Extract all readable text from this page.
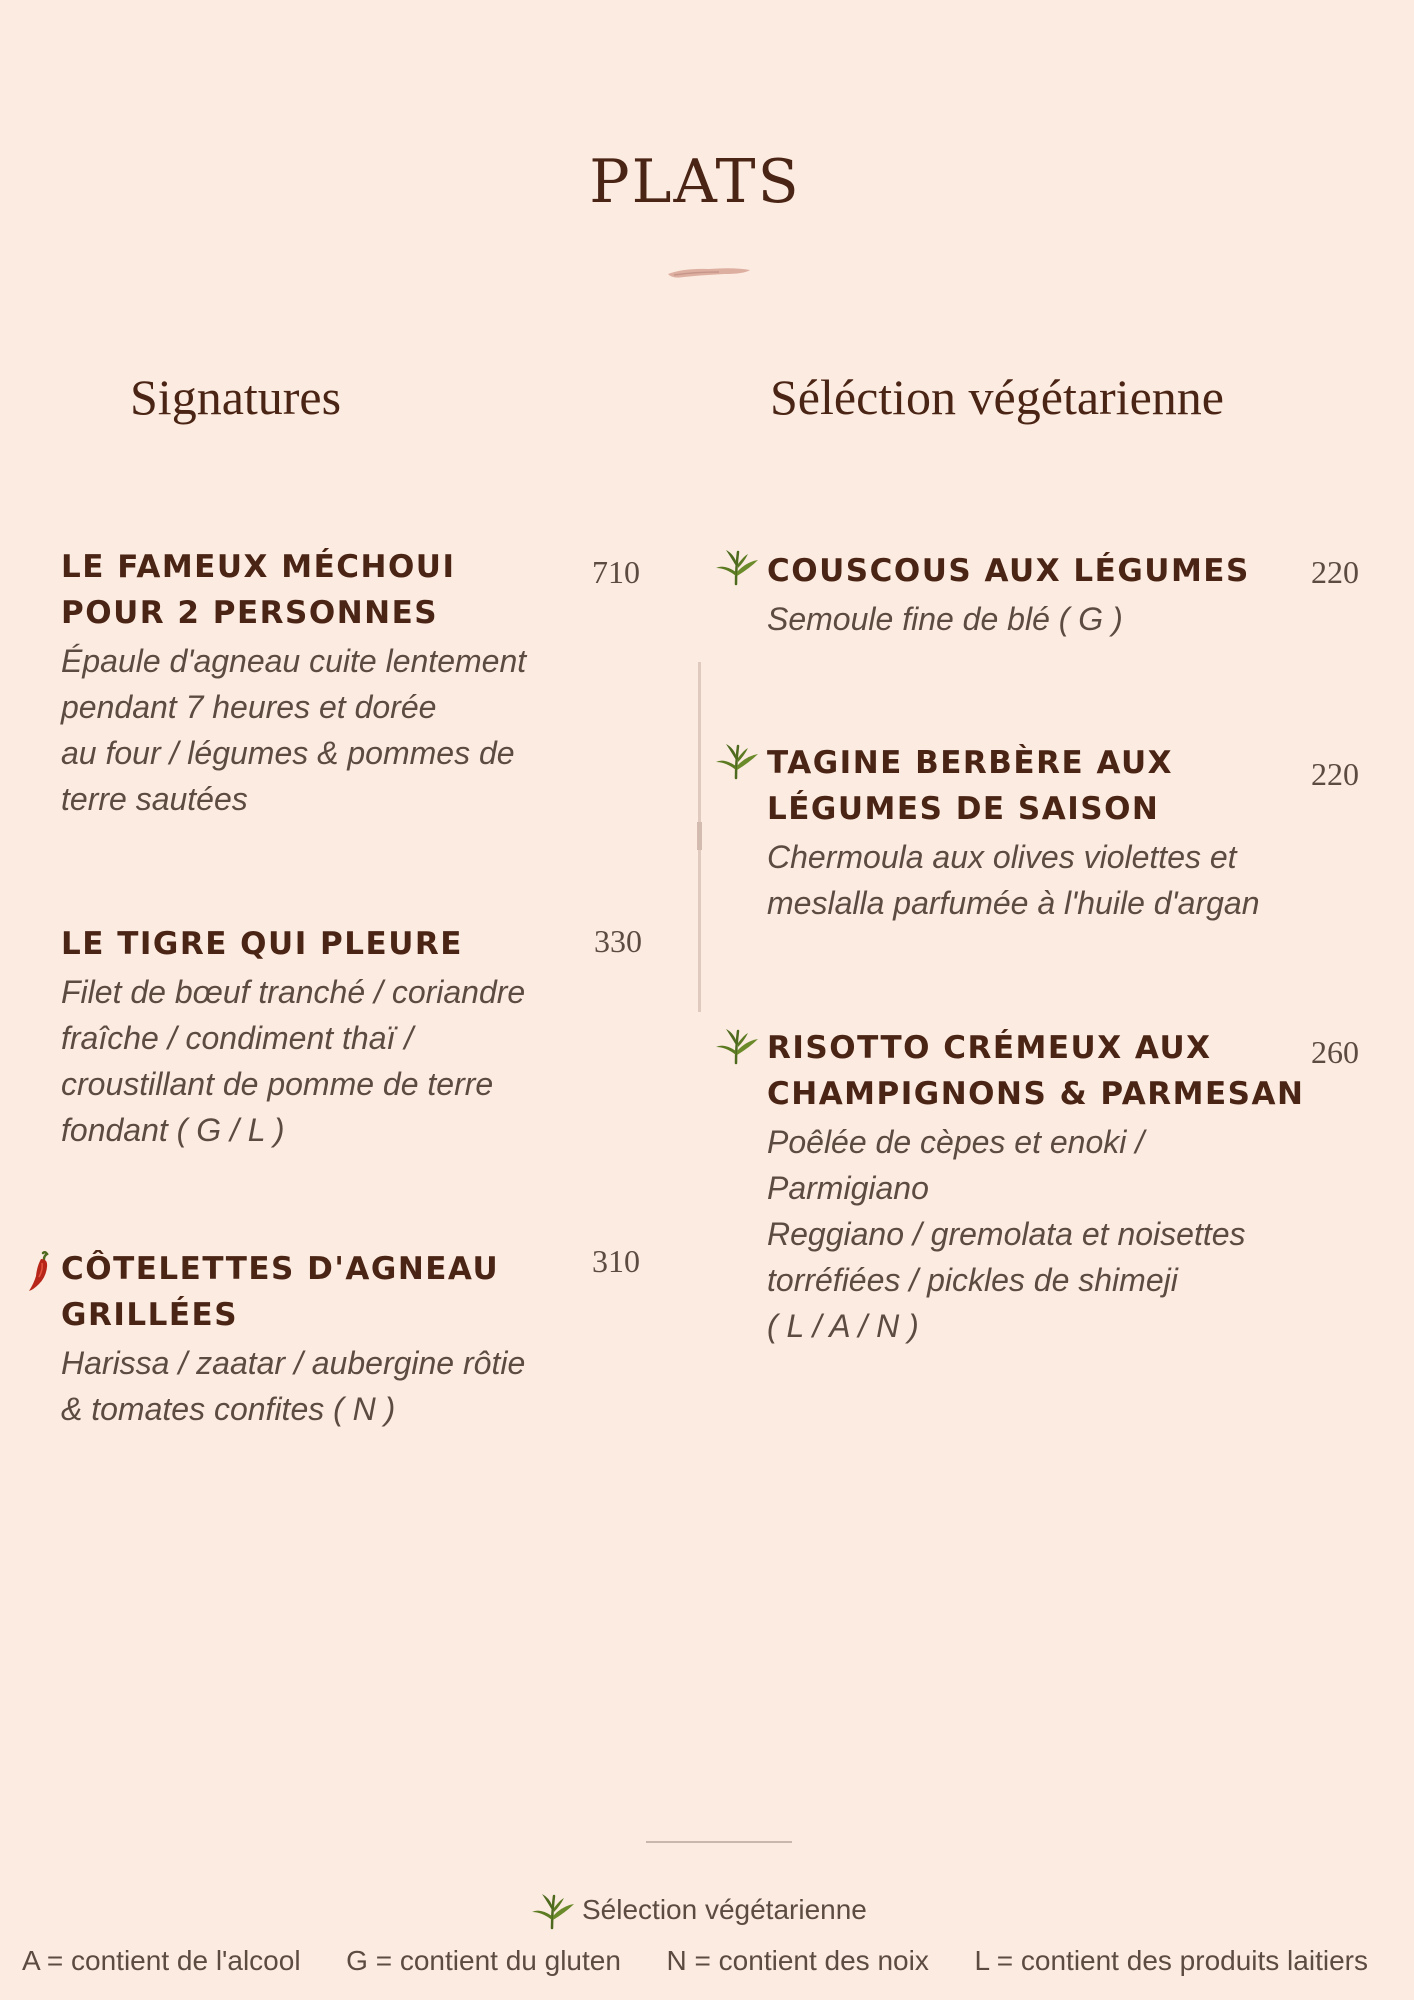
PLATS
Signatures	Séléction végétarienne
LE FAMEUX MÉCHOUI
POUR 2 PERSONNES
Épaule d'agneau cuite lentement
pendant 7 heures et dorée
au four / légumes & pommes de
terre sautées
710
LE TIGRE QUI PLEURE
Filet de bœuf tranché / coriandre
fraîche / condiment thaï /
croustillant de pomme de terre
fondant ( G / L )
330
CÔTELETTES D'AGNEAU
GRILLÉES
Harissa / zaatar / aubergine rôtie
& tomates confites ( N )
310
COUSCOUS AUX LÉGUMES
Semoule fine de blé ( G )
220
TAGINE BERBÈRE AUX
LÉGUMES DE SAISON
Chermoula aux olives violettes et
meslalla parfumée à l'huile d'argan
220
RISOTTO CRÉMEUX AUX
CHAMPIGNONS & PARMESAN
Poêlée de cèpes et enoki / Parmigiano
Reggiano / gremolata et noisettes
torréfiées / pickles de shimeji
( L / A / N )
260
Sélection végétarienne
A = contient de l'alcool G = contient du gluten N = contient des noix L = contient des produits laitiers
